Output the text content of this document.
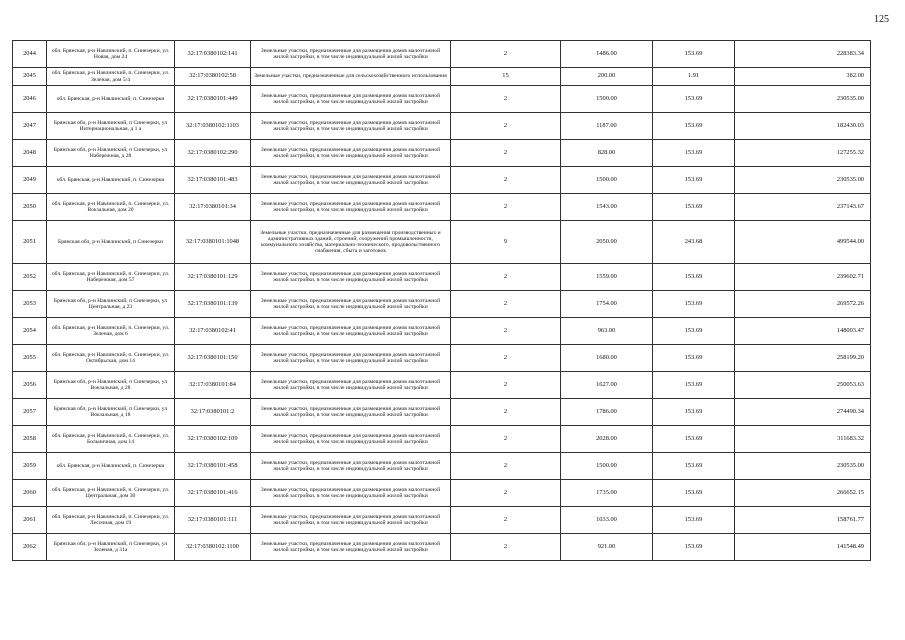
125
2044	обл. Брянская, р-н Навлинский, п. Синезерки, ул. Новая, дом 24	32:17:0380102:141	Земельные участки, предназначенные для размещения домов малоэтажной жилой застройки, в том числе индивидуальной жилой застройки	2	1486.00	153.69	228383.34
2045	обл. Брянская, р-н Навлинский, п. Синезерки, ул. Зеленая, дом 5/4	32:17:0380102:58	Земельные участки, предназначенные для сельскохозяйственного использования	15	200.00	1.91	382.00
2046	обл. Брянская, р-н Навлинский, п. Синезерки	32:17:0380101:449	Земельные участки, предназначенные для размещения домов малоэтажной жилой застройки, в том числе индивидуальной жилой застройки	2	1500.00	153.69	230535.00
2047	Брянская обл, р-н Навлинский, п Синезерки, ул Интернациональная, д 1 а	32:17:0380102:1103	Земельные участки, предназначенные для размещения домов малоэтажной жилой застройки, в том числе индивидуальной жилой застройки	2	1187.00	153.69	182430.03
2048	Брянская обл, р-н Навлинский, п Синезерки, ул Набережная, д 28	32:17:0380102:290	Земельные участки, предназначенные для размещения домов малоэтажной жилой застройки, в том числе индивидуальной жилой застройки	2	828.00	153.69	127255.32
2049	обл. Брянская, р-н Навлинский, п. Синезерки	32:17:0380101:483	Земельные участки, предназначенные для размещения домов малоэтажной жилой застройки, в том числе индивидуальной жилой застройки	2	1500.00	153.69	230535.00
2050	обл. Брянская, р-н Навлинский, п. Синезерки, ул. Вокзальная, дом 20	32:17:0380101:34	Земельные участки, предназначенные для размещения домов малоэтажной жилой застройки, в том числе индивидуальной жилой застройки	2	1543.00	153.69	237143.67
2051	Брянская обл, р-н Навлинский, п Синезерки	32:17:0380101:1048	Земельные участки, предназначенные для размещения производственных и административных зданий, строений, сооружений промышленности, коммунального хозяйства, материально-технического, продовольственного снабжения, сбыта и заготовок	9	2050.00	243.68	499544.00
2052	обл. Брянская, р-н Навлинский, п. Синезерки, ул. Набережная, дом 57	32:17:0380101:129	Земельные участки, предназначенные для размещения домов малоэтажной жилой застройки, в том числе индивидуальной жилой застройки	2	1559.00	153.69	239602.71
2053	Брянская обл, р-н Навлинский, п Синезерки, ул Центральная, д 23	32:17:0380101:139	Земельные участки, предназначенные для размещения домов малоэтажной жилой застройки, в том числе индивидуальной жилой застройки	2	1754.00	153.69	269572.26
2054	обл. Брянская, р-н Навлинский, п. Синезерки, ул. Зеленая, дом 6	32:17:0380102:41	Земельные участки, предназначенные для размещения домов малоэтажной жилой застройки, в том числе индивидуальной жилой застройки	2	963.00	153.69	148003.47
2055	обл. Брянская, р-н Навлинский, п. Синезерки, ул. Октябрьская, дом 14	32:17:0380101:150	Земельные участки, предназначенные для размещения домов малоэтажной жилой застройки, в том числе индивидуальной жилой застройки	2	1680.00	153.69	258199.20
2056	Брянская обл, р-н Навлинский, п Синезерки, ул Вокзальная, д 28	32:17:0380101:84	Земельные участки, предназначенные для размещения домов малоэтажной жилой застройки, в том числе индивидуальной жилой застройки	2	1627.00	153.69	250053.63
2057	Брянская обл, р-н Навлинский, п Синезерки, ул Вокзальная, д 18	32:17:0380101:2	Земельные участки, предназначенные для размещения домов малоэтажной жилой застройки, в том числе индивидуальной жилой застройки	2	1786.00	153.69	274490.34
2058	обл. Брянская, р-н Навлинский, п. Синезерки, ул. Больничная, дом 14	32:17:0380102:109	Земельные участки, предназначенные для размещения домов малоэтажной жилой застройки, в том числе индивидуальной жилой застройки	2	2028.00	153.69	311683.32
2059	обл. Брянская, р-н Навлинский, п. Синезерки	32:17:0380101:458	Земельные участки, предназначенные для размещения домов малоэтажной жилой застройки, в том числе индивидуальной жилой застройки	2	1500.00	153.69	230535.00
2060	обл. Брянская, р-н Навлинский, п. Синезерки, ул. Центральная, дом 30	32:17:0380101:416	Земельные участки, предназначенные для размещения домов малоэтажной жилой застройки, в том числе индивидуальной жилой застройки	2	1735.00	153.69	266652.15
2061	обл. Брянская, р-н Навлинский, п. Синезерки, ул. Лесочная, дом 19	32:17:0380101:111	Земельные участки, предназначенные для размещения домов малоэтажной жилой застройки, в том числе индивидуальной жилой застройки	2	1033.00	153.69	158761.77
2062	Брянская обл, р-н Навлинский, п Синезерки, ул Зеленая, д 31а	32:17:0380102:1100	Земельные участки, предназначенные для размещения домов малоэтажной жилой застройки, в том числе индивидуальной жилой застройки	2	921.00	153.69	141548.49
